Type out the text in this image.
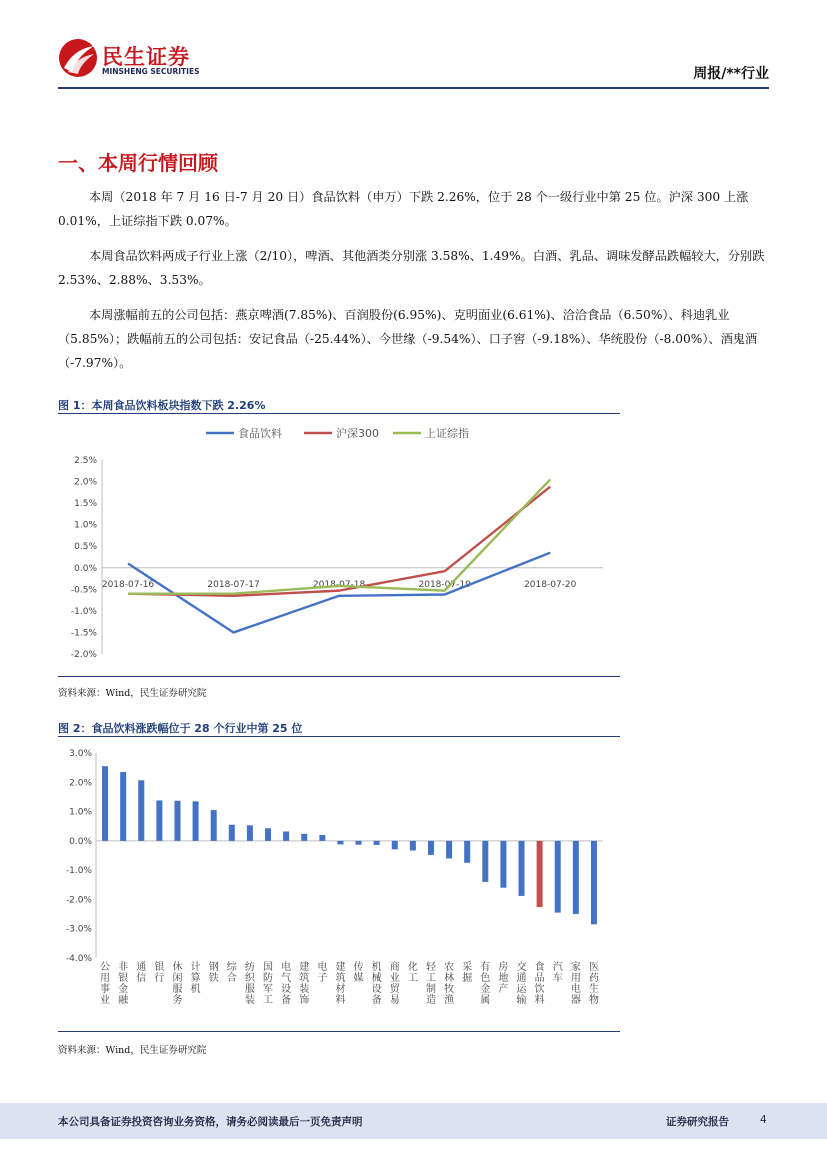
民生证券
MINSHENG SECURITIES	周报/**行业
一、本周行情回顾

本周（2018 年 7 月 16 日-7 月 20 日）食品饮料（申万）下跌 2.26%，位于 28 个一级行业中第 25 位。沪深 300 上涨 0.01%，上证综指下跌 0.07%。

本周食品饮料两成子行业上涨（2/10），啤酒、其他酒类分别涨 3.58%、1.49%。白酒、乳品、调味发酵品跌幅较大，分别跌 2.53%、2.88%、3.53%。

本周涨幅前五的公司包括：燕京啤酒(7.85%)、百润股份(6.95%)、克明面业(6.61%)、洽洽食品（6.50%）、科迪乳业（5.85%）；跌幅前五的公司包括：安记食品（-25.44%）、今世缘（-9.54%）、口子窖（-9.18%）、华统股份（-8.00%）、酒鬼酒（-7.97%）。

图 1：本周食品饮料板块指数下跌 2.26%
2.5%
2.0%
1.5%
1.0%
0.5%
0.0%
-0.5%
-1.0%
-1.5%
-2.0%
2018-07-16	2018-07-17	2018-07-18	2018-07-19	2018-07-20
食品饮料	沪深300	上证综指
资料来源：Wind，民生证券研究院
图 2：食品饮料涨跌幅位于 28 个行业中第 25 位
3.0%
2.0%
1.0%
0.0%
-1.0%
-2.0%
-3.0%
-4.0%
公用事业
非银金融
通信
银行
休闲服务
计算机
钢铁
综合
纺织服装
国防军工
电气设备
建筑装饰
电子
建筑材料
传媒
机械设备
商业贸易
化工
轻工制造
农林牧渔
采掘
有色金属
房地产
交通运输
食品饮料
汽车
家用电器
医药生物
资料来源：Wind，民生证券研究院
本公司具备证券投资咨询业务资格，请务必阅读最后一页免责声明	证券研究报告	4
